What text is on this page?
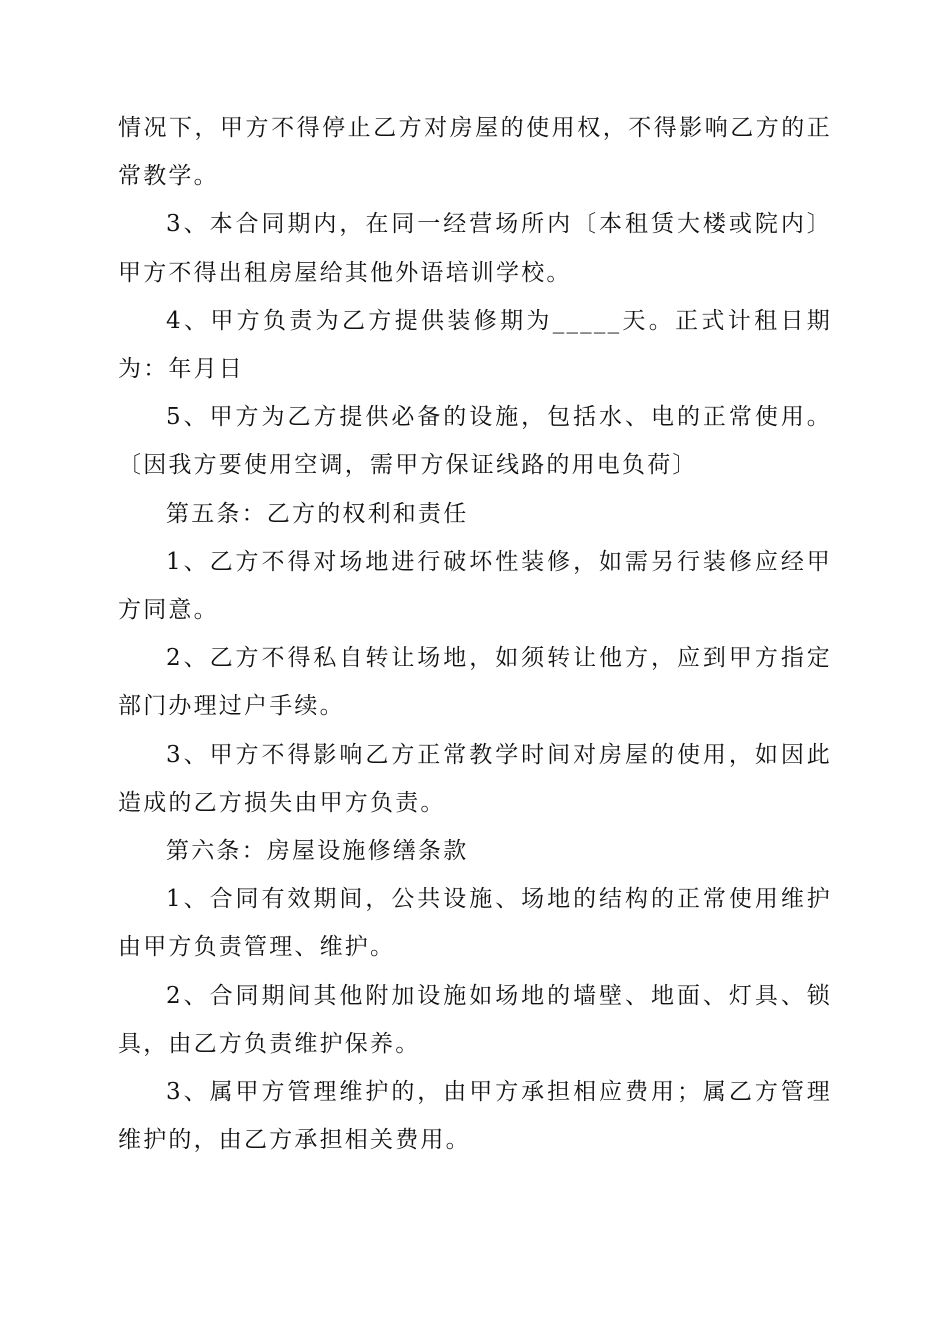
情况下，甲方不得停止乙方对房屋的使用权，不得影响乙方的正常教学。

3、本合同期内，在同一经营场所内〔本租赁大楼或院内〕甲方不得出租房屋给其他外语培训学校。

4、甲方负责为乙方提供装修期为_____天。正式计租日期为：年月日

5、甲方为乙方提供必备的设施，包括水、电的正常使用。〔因我方要使用空调，需甲方保证线路的用电负荷〕

第五条：乙方的权利和责任

1、乙方不得对场地进行破坏性装修，如需另行装修应经甲方同意。

2、乙方不得私自转让场地，如须转让他方，应到甲方指定部门办理过户手续。

3、甲方不得影响乙方正常教学时间对房屋的使用，如因此造成的乙方损失由甲方负责。

第六条：房屋设施修缮条款

1、合同有效期间，公共设施、场地的结构的正常使用维护由甲方负责管理、维护。

2、合同期间其他附加设施如场地的墙壁、地面、灯具、锁具，由乙方负责维护保养。

3、属甲方管理维护的，由甲方承担相应费用；属乙方管理维护的，由乙方承担相关费用。
